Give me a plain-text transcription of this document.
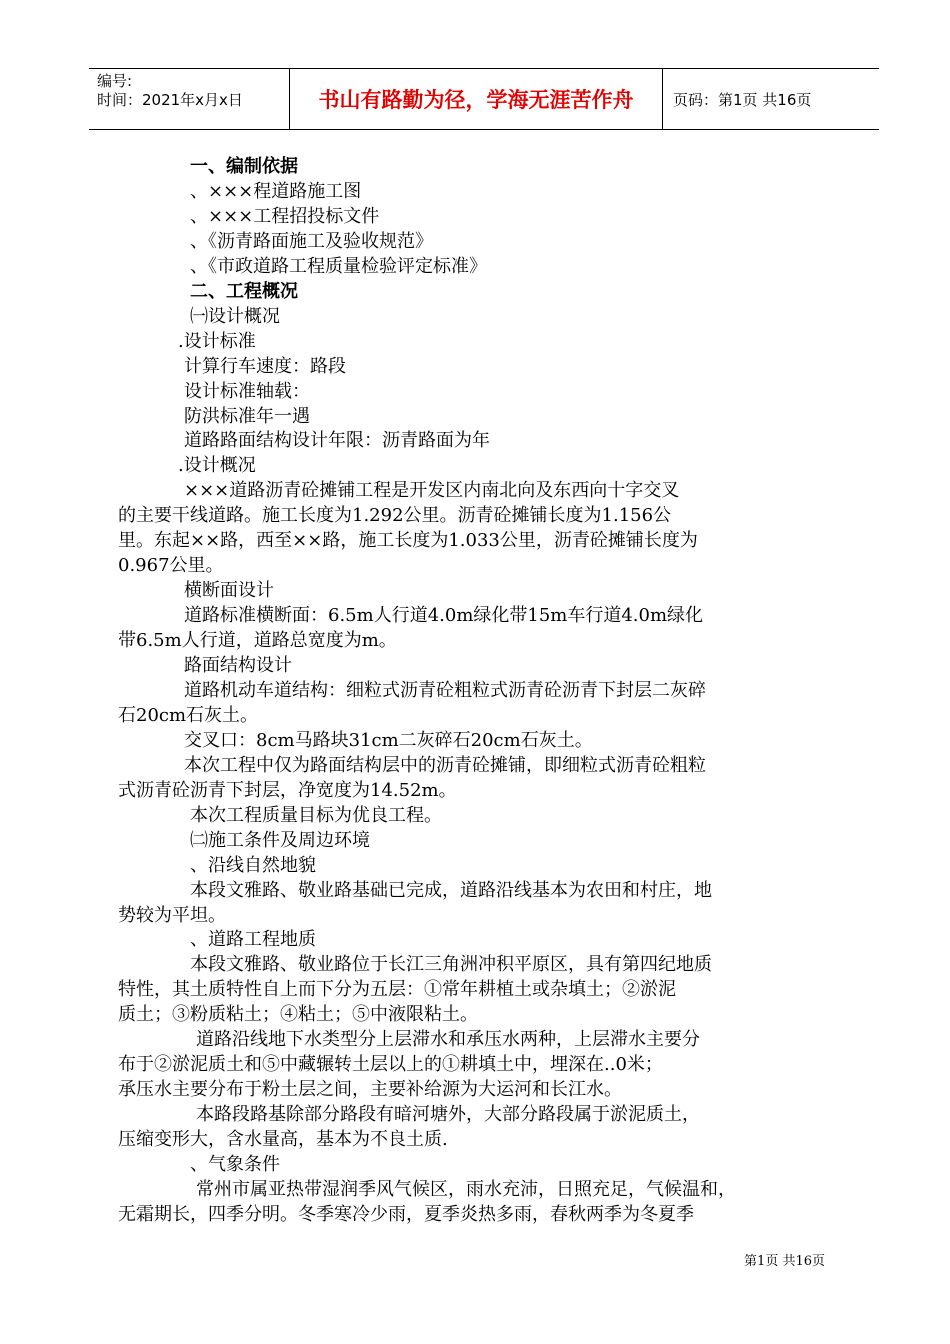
编号:
时间：2021年x月x日	书山有路勤为径，学海无涯苦作舟	页码：第1页 共16页
一、编制依据
、×××程道路施工图
、×××工程招投标文件
、《沥青路面施工及验收规范》
、《市政道路工程质量检验评定标准》
二、工程概况
㈠设计概况
.设计标准
计算行车速度：路段
设计标准轴载：
防洪标准年一遇
道路路面结构设计年限：沥青路面为年
.设计概况
×××道路沥青砼摊铺工程是开发区内南北向及东西向十字交叉
的主要干线道路。施工长度为1.292公里。沥青砼摊铺长度为1.156公
里。东起××路，西至××路，施工长度为1.033公里，沥青砼摊铺长度为
0.967公里。
横断面设计
道路标准横断面：6.5m人行道4.0m绿化带15m车行道4.0m绿化
带6.5m人行道，道路总宽度为m。
路面结构设计
道路机动车道结构：细粒式沥青砼粗粒式沥青砼沥青下封层二灰碎
石20cm石灰土。
交叉口：8cm马路块31cm二灰碎石20cm石灰土。
本次工程中仅为路面结构层中的沥青砼摊铺，即细粒式沥青砼粗粒
式沥青砼沥青下封层，净宽度为14.52m。
本次工程质量目标为优良工程。
㈡施工条件及周边环境
、沿线自然地貌
本段文雅路、敬业路基础已完成，道路沿线基本为农田和村庄，地
势较为平坦。
、道路工程地质
本段文雅路、敬业路位于长江三角洲冲积平原区，具有第四纪地质
特性，其土质特性自上而下分为五层：①常年耕植土或杂填土；②淤泥
质土；③粉质粘土；④粘土；⑤中液限粘土。
道路沿线地下水类型分上层滞水和承压水两种，上层滞水主要分
布于②淤泥质土和⑤中藏辗转土层以上的①耕填土中，埋深在..0米；
承压水主要分布于粉土层之间，主要补给源为大运河和长江水。
本路段路基除部分路段有暗河塘外，大部分路段属于淤泥质土，
压缩变形大，含水量高，基本为不良土质.
、气象条件
常州市属亚热带湿润季风气候区，雨水充沛，日照充足，气候温和，
无霜期长，四季分明。冬季寒冷少雨，夏季炎热多雨，春秋两季为冬夏季
第1页 共16页
